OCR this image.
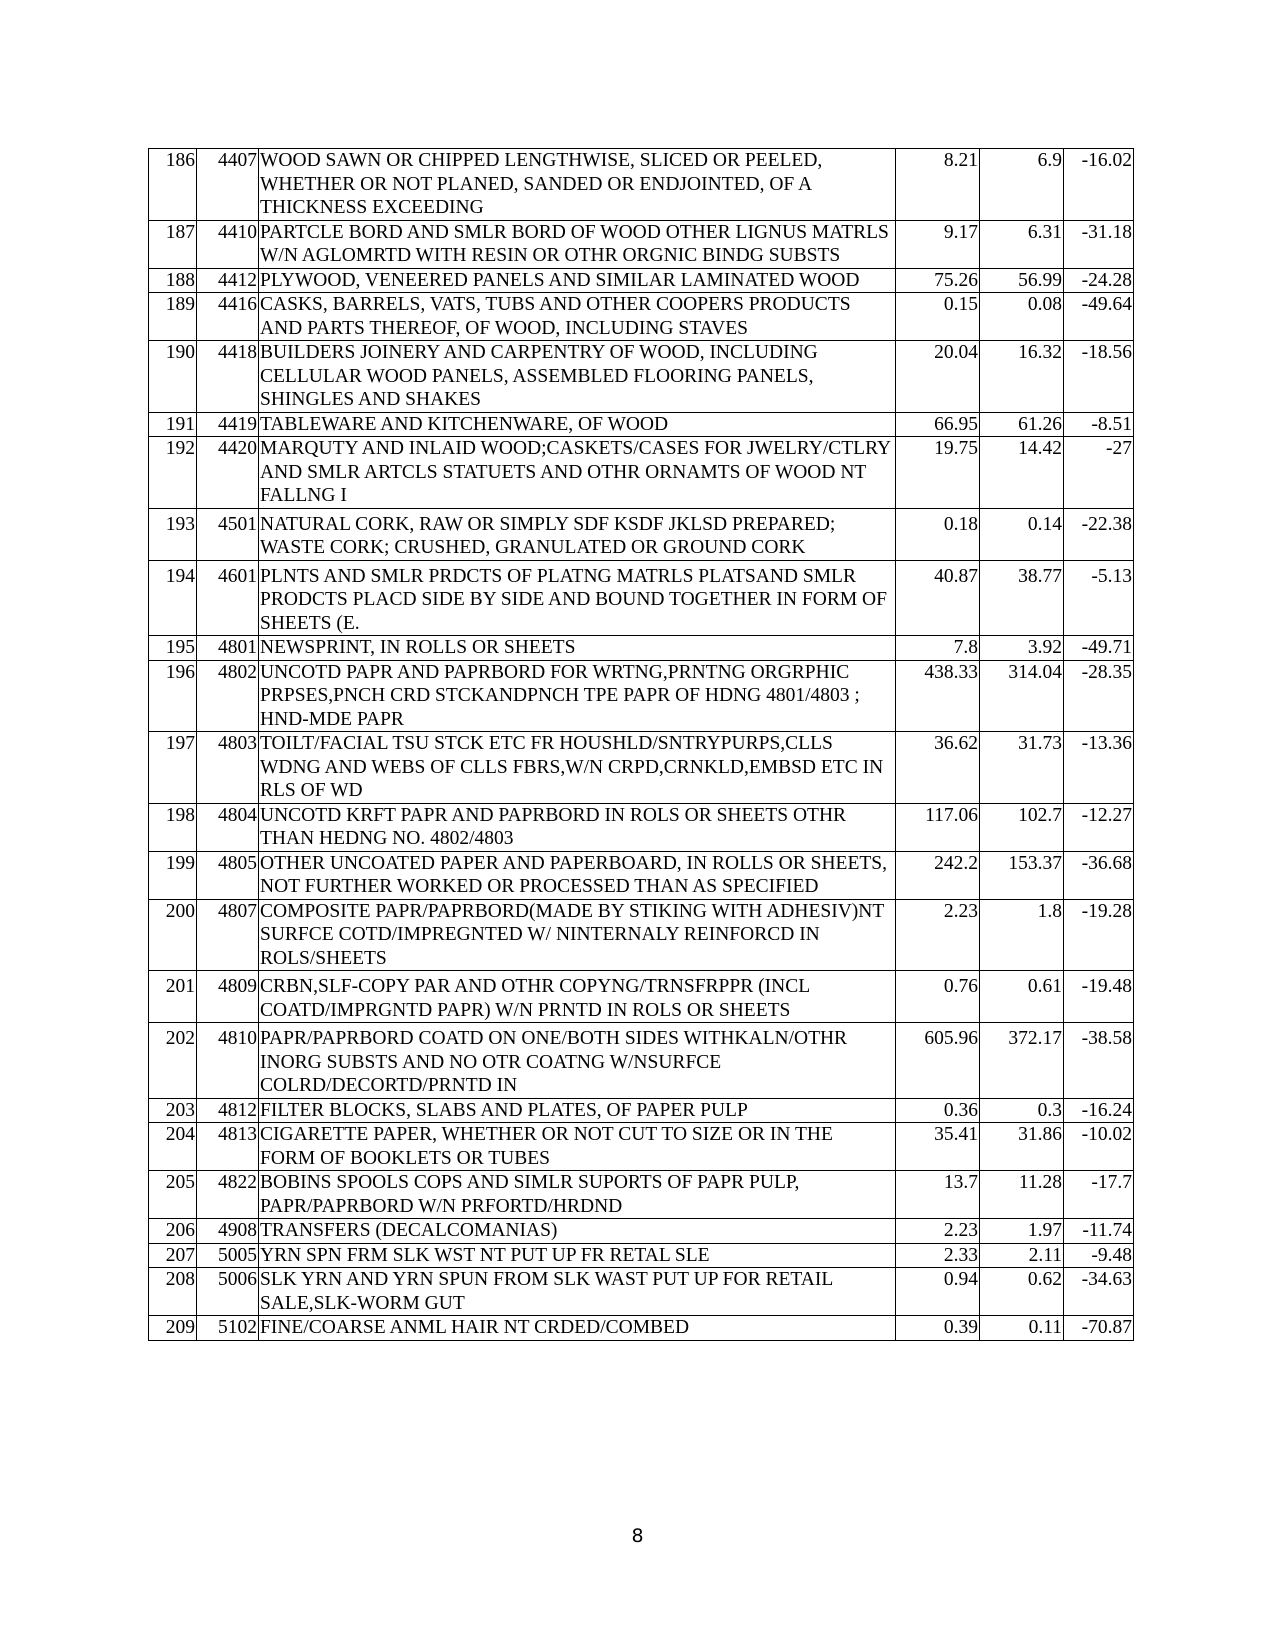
186	4407	WOOD SAWN OR CHIPPED LENGTHWISE, SLICED OR PEELED, WHETHER OR NOT PLANED, SANDED OR ENDJOINTED, OF A THICKNESS EXCEEDING	8.21	6.9	-16.02
187	4410	PARTCLE BORD AND SMLR BORD OF WOOD OTHER LIGNUS MATRLS W/N AGLOMRTD WITH RESIN OR OTHR ORGNIC BINDG SUBSTS	9.17	6.31	-31.18
188	4412	PLYWOOD, VENEERED PANELS AND SIMILAR LAMINATED WOOD	75.26	56.99	-24.28
189	4416	CASKS, BARRELS, VATS, TUBS AND OTHER COOPERS PRODUCTS AND PARTS THEREOF, OF WOOD, INCLUDING STAVES	0.15	0.08	-49.64
190	4418	BUILDERS JOINERY AND CARPENTRY OF WOOD, INCLUDING CELLULAR WOOD PANELS, ASSEMBLED FLOORING PANELS, SHINGLES AND SHAKES	20.04	16.32	-18.56
191	4419	TABLEWARE AND KITCHENWARE, OF WOOD	66.95	61.26	-8.51
192	4420	MARQUTY AND INLAID WOOD;CASKETS/CASES FOR JWELRY/CTLRY AND SMLR ARTCLS STATUETS AND OTHR ORNAMTS OF WOOD NT FALLNG I	19.75	14.42	-27
193	4501	NATURAL CORK, RAW OR SIMPLY SDF KSDF JKLSD PREPARED; WASTE CORK; CRUSHED, GRANULATED OR GROUND CORK	0.18	0.14	-22.38
194	4601	PLNTS AND SMLR PRDCTS OF PLATNG MATRLS PLATSAND SMLR PRODCTS PLACD SIDE BY SIDE AND BOUND TOGETHER IN FORM OF SHEETS (E.	40.87	38.77	-5.13
195	4801	NEWSPRINT, IN ROLLS OR SHEETS	7.8	3.92	-49.71
196	4802	UNCOTD PAPR AND PAPRBORD FOR WRTNG,PRNTNG ORGRPHIC PRPSES,PNCH CRD STCKANDPNCH TPE PAPR OF HDNG 4801/4803 ; HND-MDE PAPR	438.33	314.04	-28.35
197	4803	TOILT/FACIAL TSU STCK ETC FR HOUSHLD/SNTRYPURPS,CLLS WDNG AND WEBS OF CLLS FBRS,W/N CRPD,CRNKLD,EMBSD ETC IN RLS OF WD	36.62	31.73	-13.36
198	4804	UNCOTD KRFT PAPR AND PAPRBORD IN ROLS OR SHEETS OTHR THAN HEDNG NO. 4802/4803	117.06	102.7	-12.27
199	4805	OTHER UNCOATED PAPER AND PAPERBOARD, IN ROLLS OR SHEETS, NOT FURTHER WORKED OR PROCESSED THAN AS SPECIFIED	242.2	153.37	-36.68
200	4807	COMPOSITE PAPR/PAPRBORD(MADE BY STIKING WITH ADHESIV)NT SURFCE COTD/IMPREGNTED W/ NINTERNALY REINFORCD IN ROLS/SHEETS	2.23	1.8	-19.28
201	4809	CRBN,SLF-COPY PAR AND OTHR COPYNG/TRNSFRPPR (INCL COATD/IMPRGNTD PAPR) W/N PRNTD IN ROLS OR SHEETS	0.76	0.61	-19.48
202	4810	PAPR/PAPRBORD COATD ON ONE/BOTH SIDES WITHKALN/OTHR INORG SUBSTS AND NO OTR COATNG W/NSURFCE COLRD/DECORTD/PRNTD IN	605.96	372.17	-38.58
203	4812	FILTER BLOCKS, SLABS AND PLATES, OF PAPER PULP	0.36	0.3	-16.24
204	4813	CIGARETTE PAPER, WHETHER OR NOT CUT TO SIZE OR IN THE FORM OF BOOKLETS OR TUBES	35.41	31.86	-10.02
205	4822	BOBINS SPOOLS COPS AND SIMLR SUPORTS OF PAPR PULP, PAPR/PAPRBORD W/N PRFORTD/HRDND	13.7	11.28	-17.7
206	4908	TRANSFERS (DECALCOMANIAS)	2.23	1.97	-11.74
207	5005	YRN SPN FRM SLK WST NT PUT UP FR RETAL SLE	2.33	2.11	-9.48
208	5006	SLK YRN AND YRN SPUN FROM SLK WAST PUT UP FOR RETAIL SALE,SLK-WORM GUT	0.94	0.62	-34.63
209	5102	FINE/COARSE ANML HAIR NT CRDED/COMBED	0.39	0.11	-70.87
8
